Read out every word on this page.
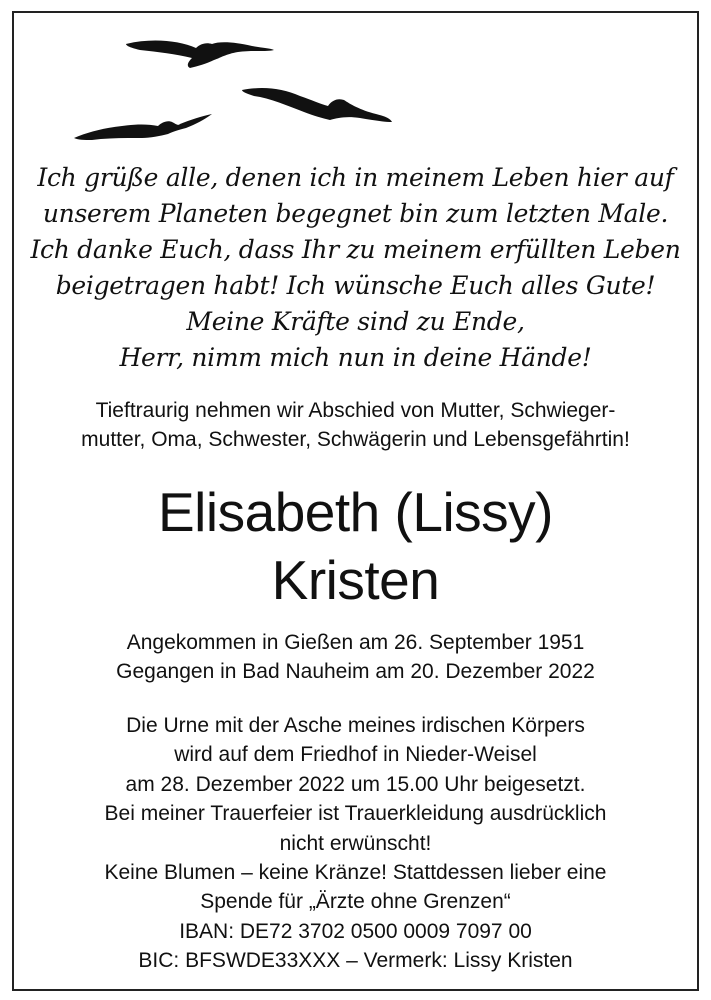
Ich grüße alle, denen ich in meinem Leben hier auf
unserem Planeten begegnet bin zum letzten Male.
Ich danke Euch, dass Ihr zu meinem erfüllten Leben
beigetragen habt! Ich wünsche Euch alles Gute!
Meine Kräfte sind zu Ende,
Herr, nimm mich nun in deine Hände!

Tieftraurig nehmen wir Abschied von Mutter, Schwieger-
mutter, Oma, Schwester, Schwägerin und Lebensgefährtin!

Elisabeth (Lissy)
Kristen

Angekommen in Gießen am 26. September 1951
Gegangen in Bad Nauheim am 20. Dezember 2022

Die Urne mit der Asche meines irdischen Körpers
wird auf dem Friedhof in Nieder-Weisel
am 28. Dezember 2022 um 15.00 Uhr beigesetzt.
Bei meiner Trauerfeier ist Trauerkleidung ausdrücklich
nicht erwünscht!
Keine Blumen – keine Kränze! Stattdessen lieber eine
Spende für „Ärzte ohne Grenzen“
IBAN: DE72 3702 0500 0009 7097 00
BIC: BFSWDE33XXX – Vermerk: Lissy Kristen
